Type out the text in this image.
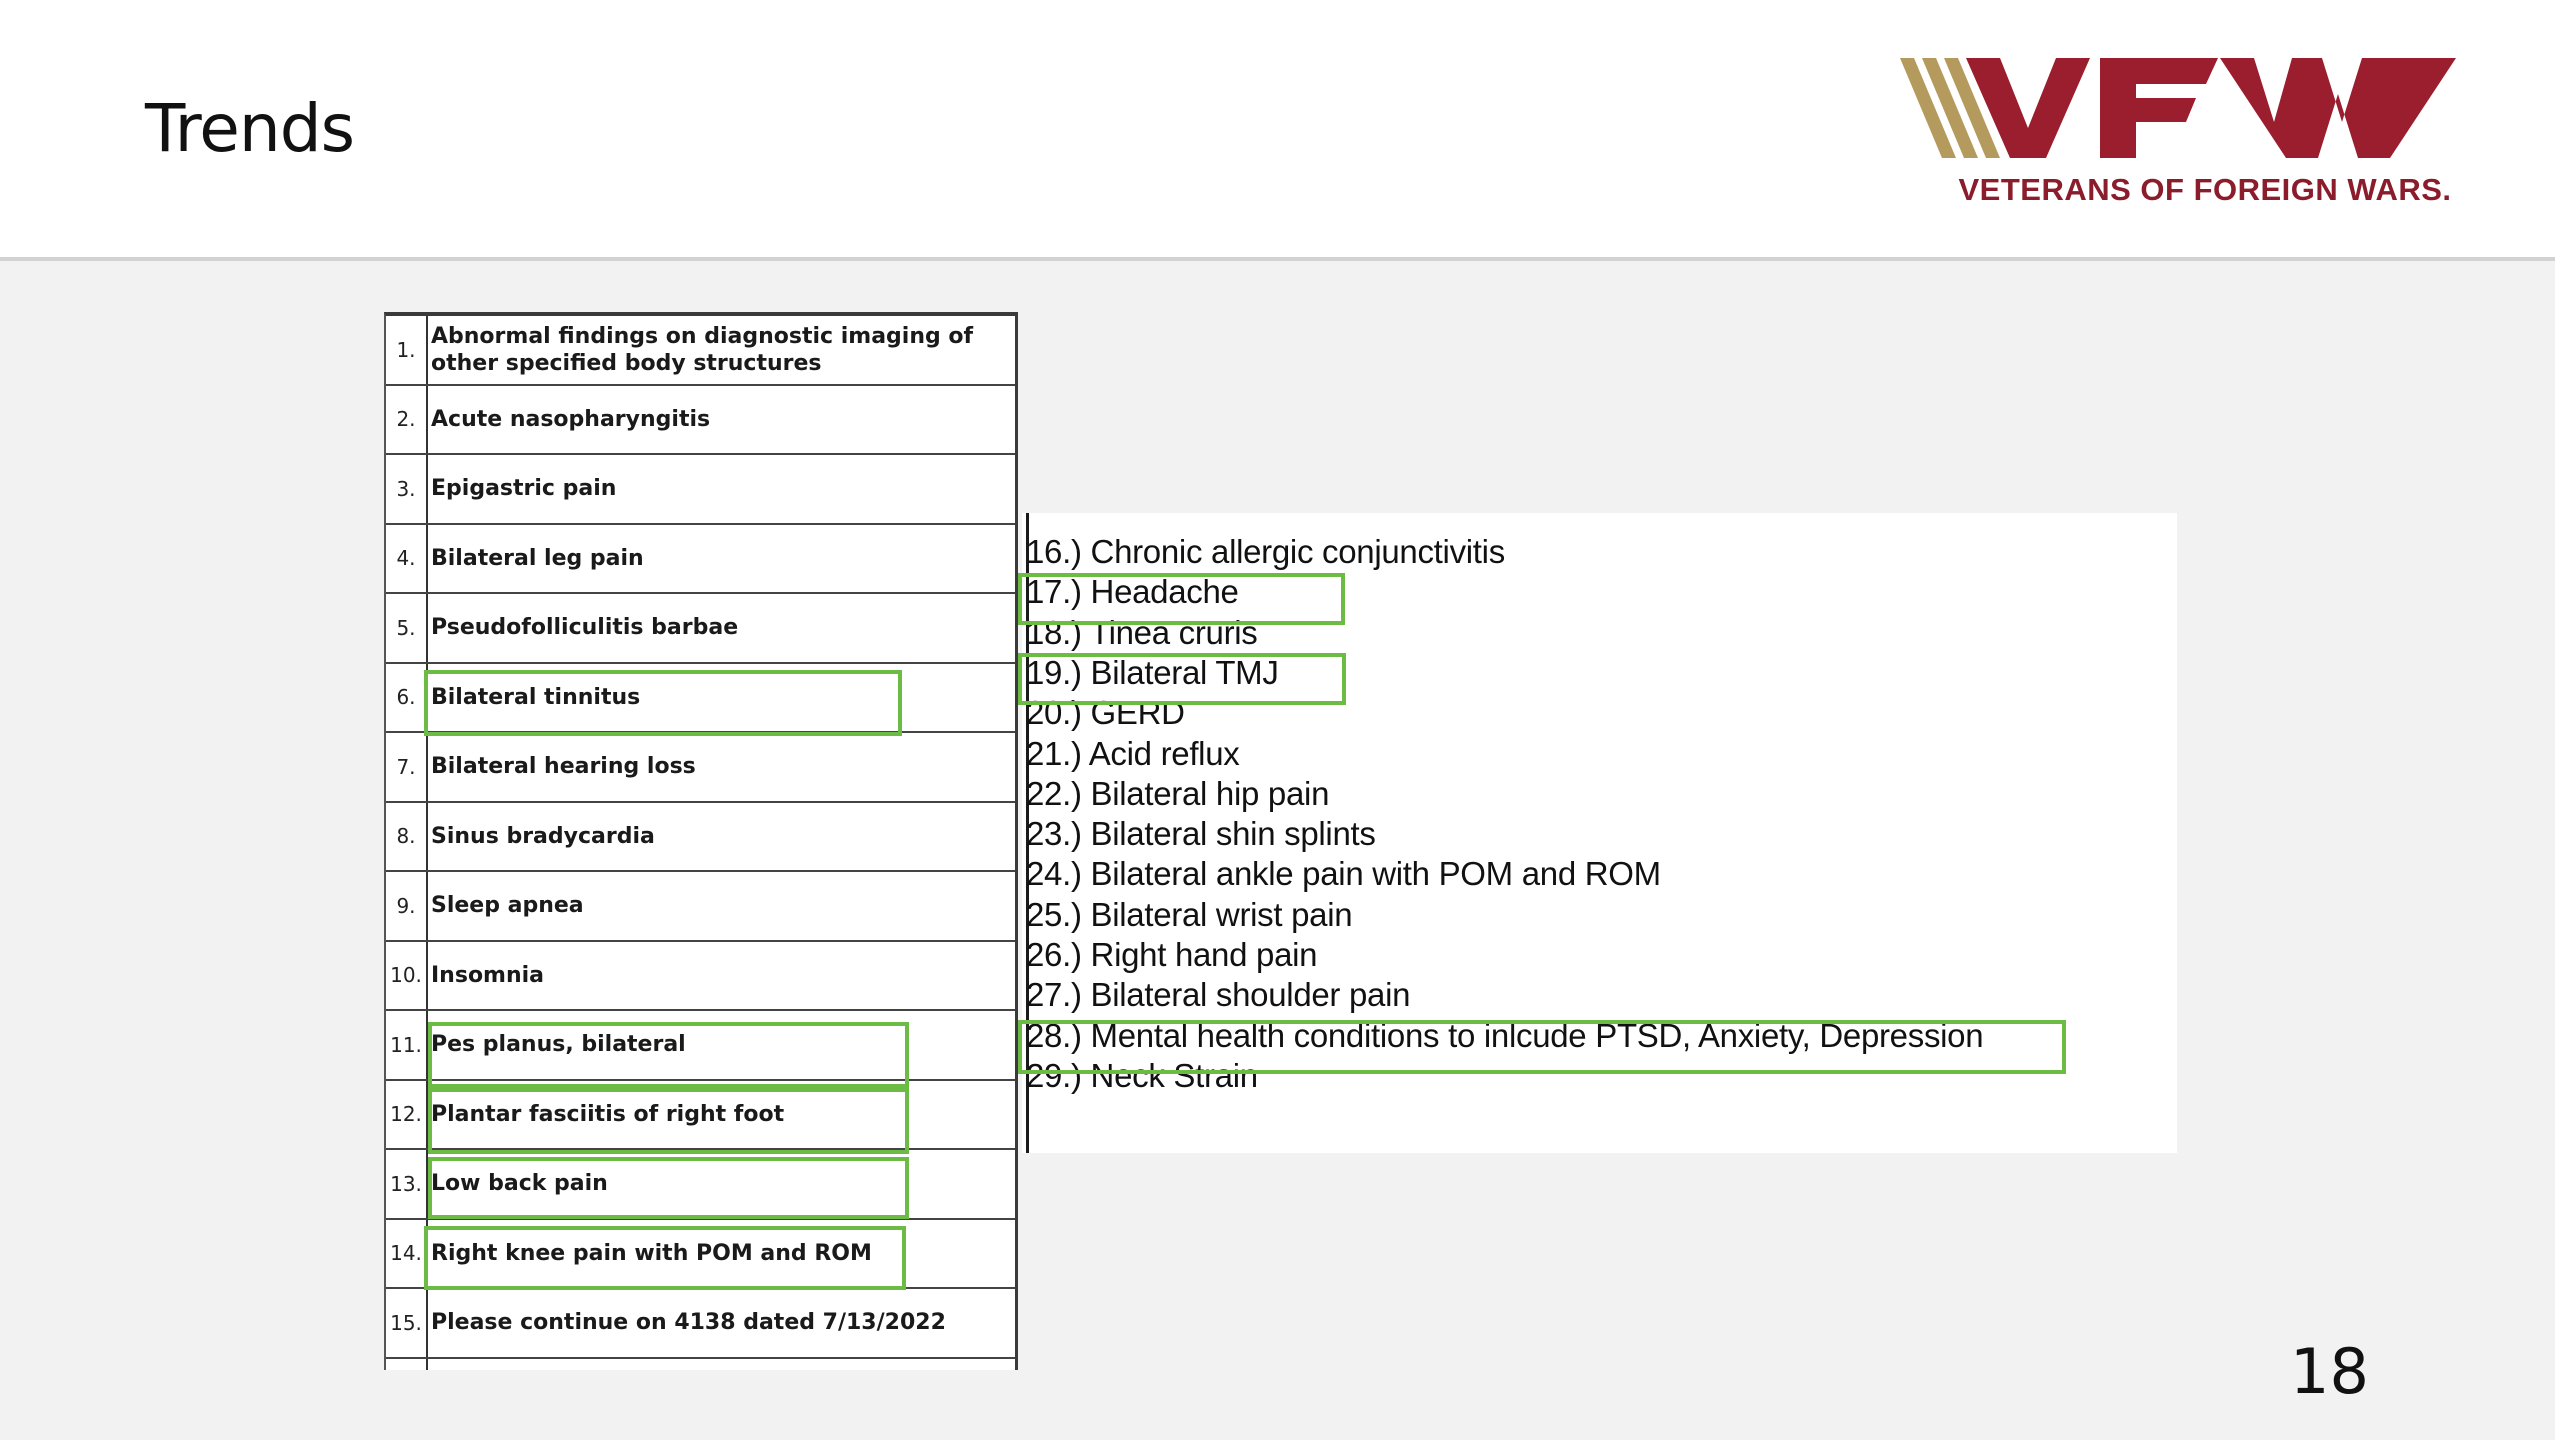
Trends
VETERANS OF FOREIGN WARS.
1.
Abnormal findings on diagnostic imaging of other specified body structures
2. Acute nasopharyngitis
3. Epigastric pain
4. Bilateral leg pain
5. Pseudofolliculitis barbae
6. Bilateral tinnitus
7. Bilateral hearing loss
8. Sinus bradycardia
9. Sleep apnea
10. Insomnia
11. Pes planus, bilateral
12. Plantar fasciitis of right foot
13. Low back pain
14. Right knee pain with POM and ROM
15. Please continue on 4138 dated 7/13/2022
16.) Chronic allergic conjunctivitis
17.) Headache
18.) Tinea cruris
19.) Bilateral TMJ
20.) GERD
21.) Acid reflux
22.) Bilateral hip pain
23.) Bilateral shin splints
24.) Bilateral ankle pain with POM and ROM
25.) Bilateral wrist pain
26.) Right hand pain
27.) Bilateral shoulder pain
28.) Mental health conditions to inlcude PTSD, Anxiety, Depression
29.) Neck Strain
18
